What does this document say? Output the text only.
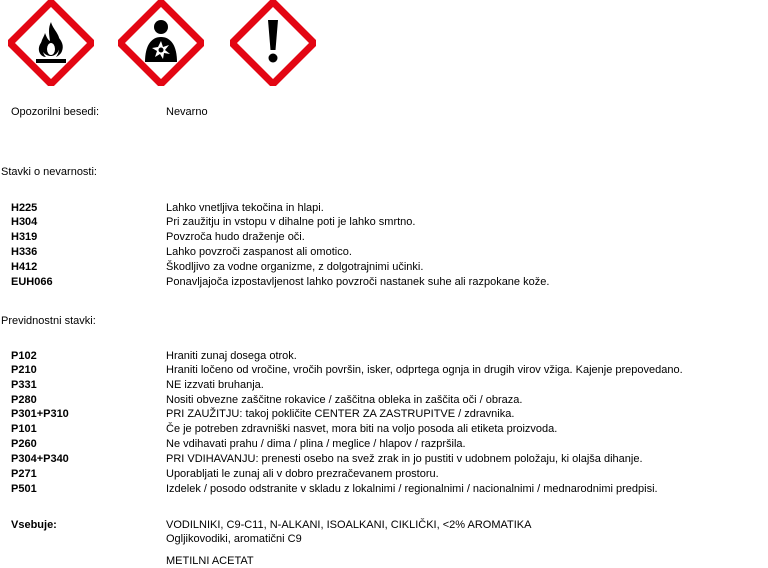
Opozorilni besedi:	Nevarno
Stavki o nevarnosti:
H225	Lahko vnetljiva tekočina in hlapi.
H304	Pri zaužitju in vstopu v dihalne poti je lahko smrtno.
H319	Povzroča hudo draženje oči.
H336	Lahko povzroči zaspanost ali omotico.
H412	Škodljivo za vodne organizme, z dolgotrajnimi učinki.
EUH066	Ponavljajoča izpostavljenost lahko povzroči nastanek suhe ali razpokane kože.
Previdnostni stavki:
P102	Hraniti zunaj dosega otrok.
P210	Hraniti ločeno od vročine, vročih površin, isker, odprtega ognja in drugih virov vžiga. Kajenje prepovedano.
P331	NE izzvati bruhanja.
P280	Nositi obvezne zaščitne rokavice / zaščitna obleka in zaščita oči / obraza.
P301+P310	PRI ZAUŽITJU: takoj pokličite CENTER ZA ZASTRUPITVE / zdravnika.
P101	Če je potreben zdravniški nasvet, mora biti na voljo posoda ali etiketa proizvoda.
P260	Ne vdihavati prahu / dima / plina / meglice / hlapov / razpršila.
P304+P340	PRI VDIHAVANJU: prenesti osebo na svež zrak in jo pustiti v udobnem položaju, ki olajša dihanje.
P271	Uporabljati le zunaj ali v dobro prezračevanem prostoru.
P501	Izdelek / posodo odstranite v skladu z lokalnimi / regionalnimi / nacionalnimi / mednarodnimi predpisi.
Vsebuje:	VODILNIKI, C9-C11, N-ALKANI, ISOALKANI, CIKLIČKI, <2% AROMATIKA
Ogljikovodiki, aromatični C9
METILNI ACETAT
